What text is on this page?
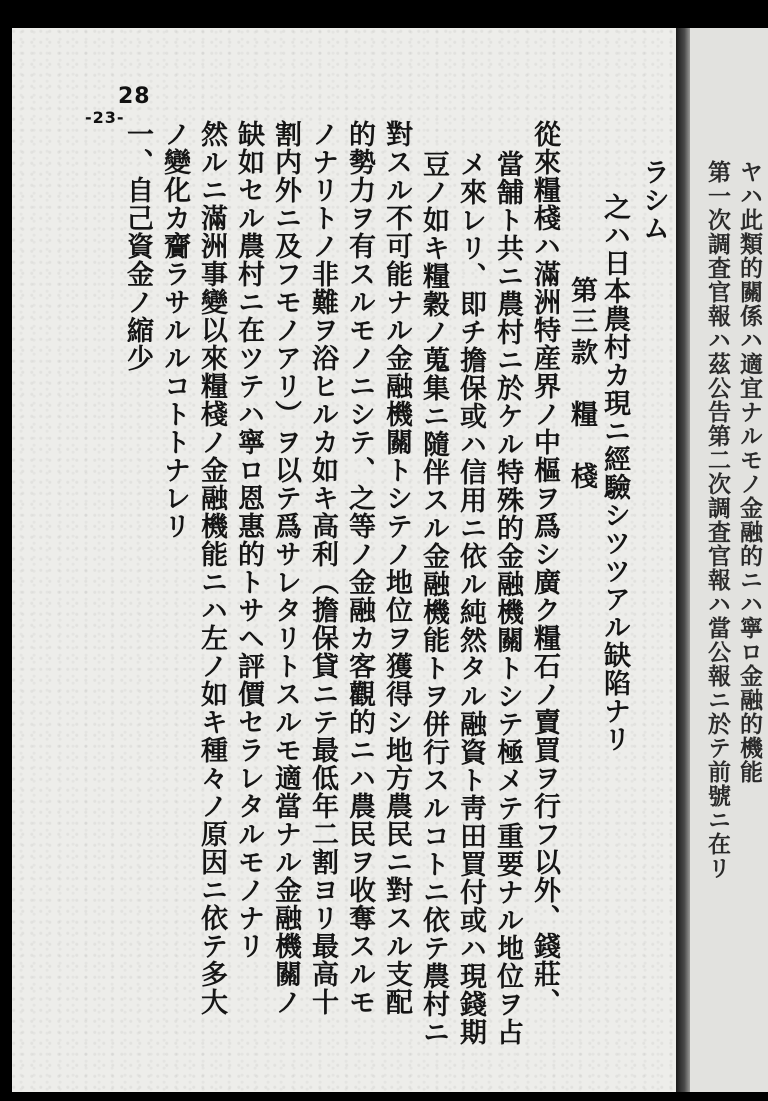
28
-23-
ラシム
之ハ日本農村カ現ニ經驗シツツアル缺陷ナリ
第三款　糧　棧
從來糧棧ハ滿洲特産界ノ中樞ヲ爲シ廣ク糧石ノ賣買ヲ行フ以外、錢莊、
當舗ト共ニ農村ニ於ケル特殊的金融機關トシテ極メテ重要ナル地位ヲ占
メ來レリ、即チ擔保或ハ信用ニ依ル純然タル融資ト靑田買付或ハ現錢期
豆ノ如キ糧穀ノ蒐集ニ隨伴スル金融機能トヲ併行スルコトニ依テ農村ニ
對スル不可能ナル金融機關トシテノ地位ヲ獲得シ地方農民ニ對スル支配
的勢力ヲ有スルモノニシテ、之等ノ金融カ客觀的ニハ農民ヲ收奪スルモ
ノナリトノ非難ヲ浴ヒルカ如キ高利（擔保貸ニテ最低年二割ヨリ最高十
割内外ニ及フモノアリ）ヲ以テ爲サレタリトスルモ適當ナル金融機關ノ
缺如セル農村ニ在ツテハ寧ロ恩惠的トサヘ評價セラレタルモノナリ
然ルニ滿洲事變以來糧棧ノ金融機能ニハ左ノ如キ種々ノ原因ニ依テ多大
ノ變化カ齎ラサルルコトトナレリ
一、自己資金ノ縮少	ヤハ此類的關係ハ適宜ナルモノ金融的ニハ寧ロ金融的機能
第一次調査官報ハ茲公告第二次調査官報ハ當公報ニ於テ前號ニ在リ
